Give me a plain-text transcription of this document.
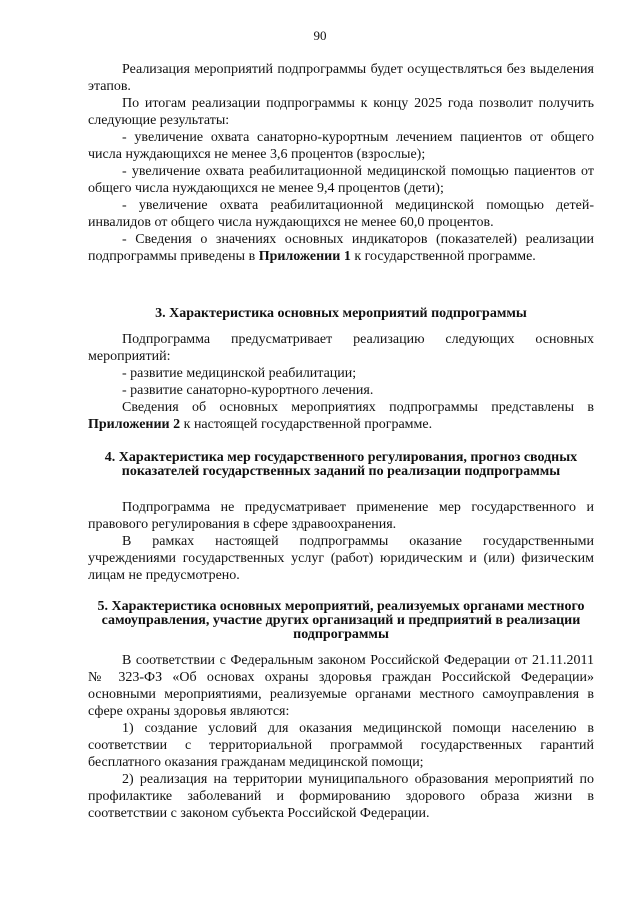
90

Реализация мероприятий подпрограммы будет осуществляться без выделения этапов.

По итогам реализации подпрограммы к концу 2025 года позволит получить следующие результаты:

- увеличение охвата санаторно-курортным лечением пациентов от общего числа нуждающихся не менее 3,6 процентов (взрослые);

- увеличение охвата реабилитационной медицинской помощью пациентов от общего числа нуждающихся не менее 9,4 процентов (дети);

- увеличение охвата реабилитационной медицинской помощью детей-инвалидов от общего числа нуждающихся не менее 60,0 процентов.

- Сведения о значениях основных индикаторов (показателей) реализации подпрограммы приведены в Приложении 1 к государственной программе.

3. Характеристика основных мероприятий подпрограммы

Подпрограмма предусматривает реализацию следующих основных мероприятий:

- развитие медицинской реабилитации;

- развитие санаторно-курортного лечения.

Сведения об основных мероприятиях подпрограммы представлены в Приложении 2 к настоящей государственной программе.

4. Характеристика мер государственного регулирования, прогноз сводных показателей государственных заданий по реализации подпрограммы

Подпрограмма не предусматривает применение мер государственного и правового регулирования в сфере здравоохранения.

В рамках настоящей подпрограммы оказание государственными учреждениями государственных услуг (работ) юридическим и (или) физическим лицам не предусмотрено.

5. Характеристика основных мероприятий, реализуемых органами местного самоуправления, участие других организаций и предприятий в реализации подпрограммы

В соответствии с Федеральным законом Российской Федерации от 21.11.2011 № 323-ФЗ «Об основах охраны здоровья граждан Российской Федерации» основными мероприятиями, реализуемые органами местного самоуправления в сфере охраны здоровья являются:

1) создание условий для оказания медицинской помощи населению в соответствии с территориальной программой государственных гарантий бесплатного оказания гражданам медицинской помощи;

2) реализация на территории муниципального образования мероприятий по профилактике заболеваний и формированию здорового образа жизни в соответствии с законом субъекта Российской Федерации.
